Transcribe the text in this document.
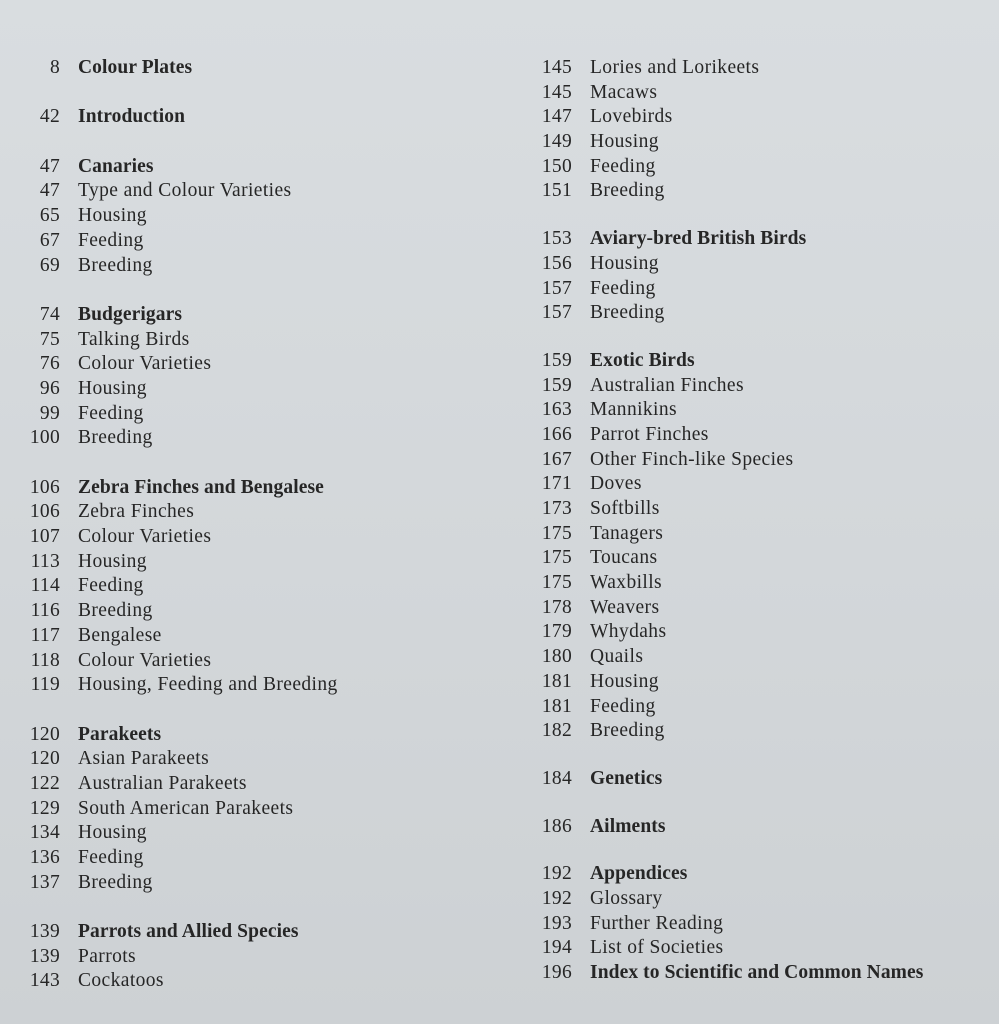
8 Colour Plates
42 Introduction
47 Canaries
47 Type and Colour Varieties
65 Housing
67 Feeding
69 Breeding
74 Budgerigars
75 Talking Birds
76 Colour Varieties
96 Housing
99 Feeding
100 Breeding
106 Zebra Finches and Bengalese
106 Zebra Finches
107 Colour Varieties
113 Housing
114 Feeding
116 Breeding
117 Bengalese
118 Colour Varieties
119 Housing, Feeding and Breeding
120 Parakeets
120 Asian Parakeets
122 Australian Parakeets
129 South American Parakeets
134 Housing
136 Feeding
137 Breeding
139 Parrots and Allied Species
139 Parrots
143 Cockatoos
145 Lories and Lorikeets
145 Macaws
147 Lovebirds
149 Housing
150 Feeding
151 Breeding
153 Aviary-bred British Birds
156 Housing
157 Feeding
157 Breeding
159 Exotic Birds
159 Australian Finches
163 Mannikins
166 Parrot Finches
167 Other Finch-like Species
171 Doves
173 Softbills
175 Tanagers
175 Toucans
175 Waxbills
178 Weavers
179 Whydahs
180 Quails
181 Housing
181 Feeding
182 Breeding
184 Genetics
186 Ailments
192 Appendices
192 Glossary
193 Further Reading
194 List of Societies
196 Index to Scientific and Common Names
